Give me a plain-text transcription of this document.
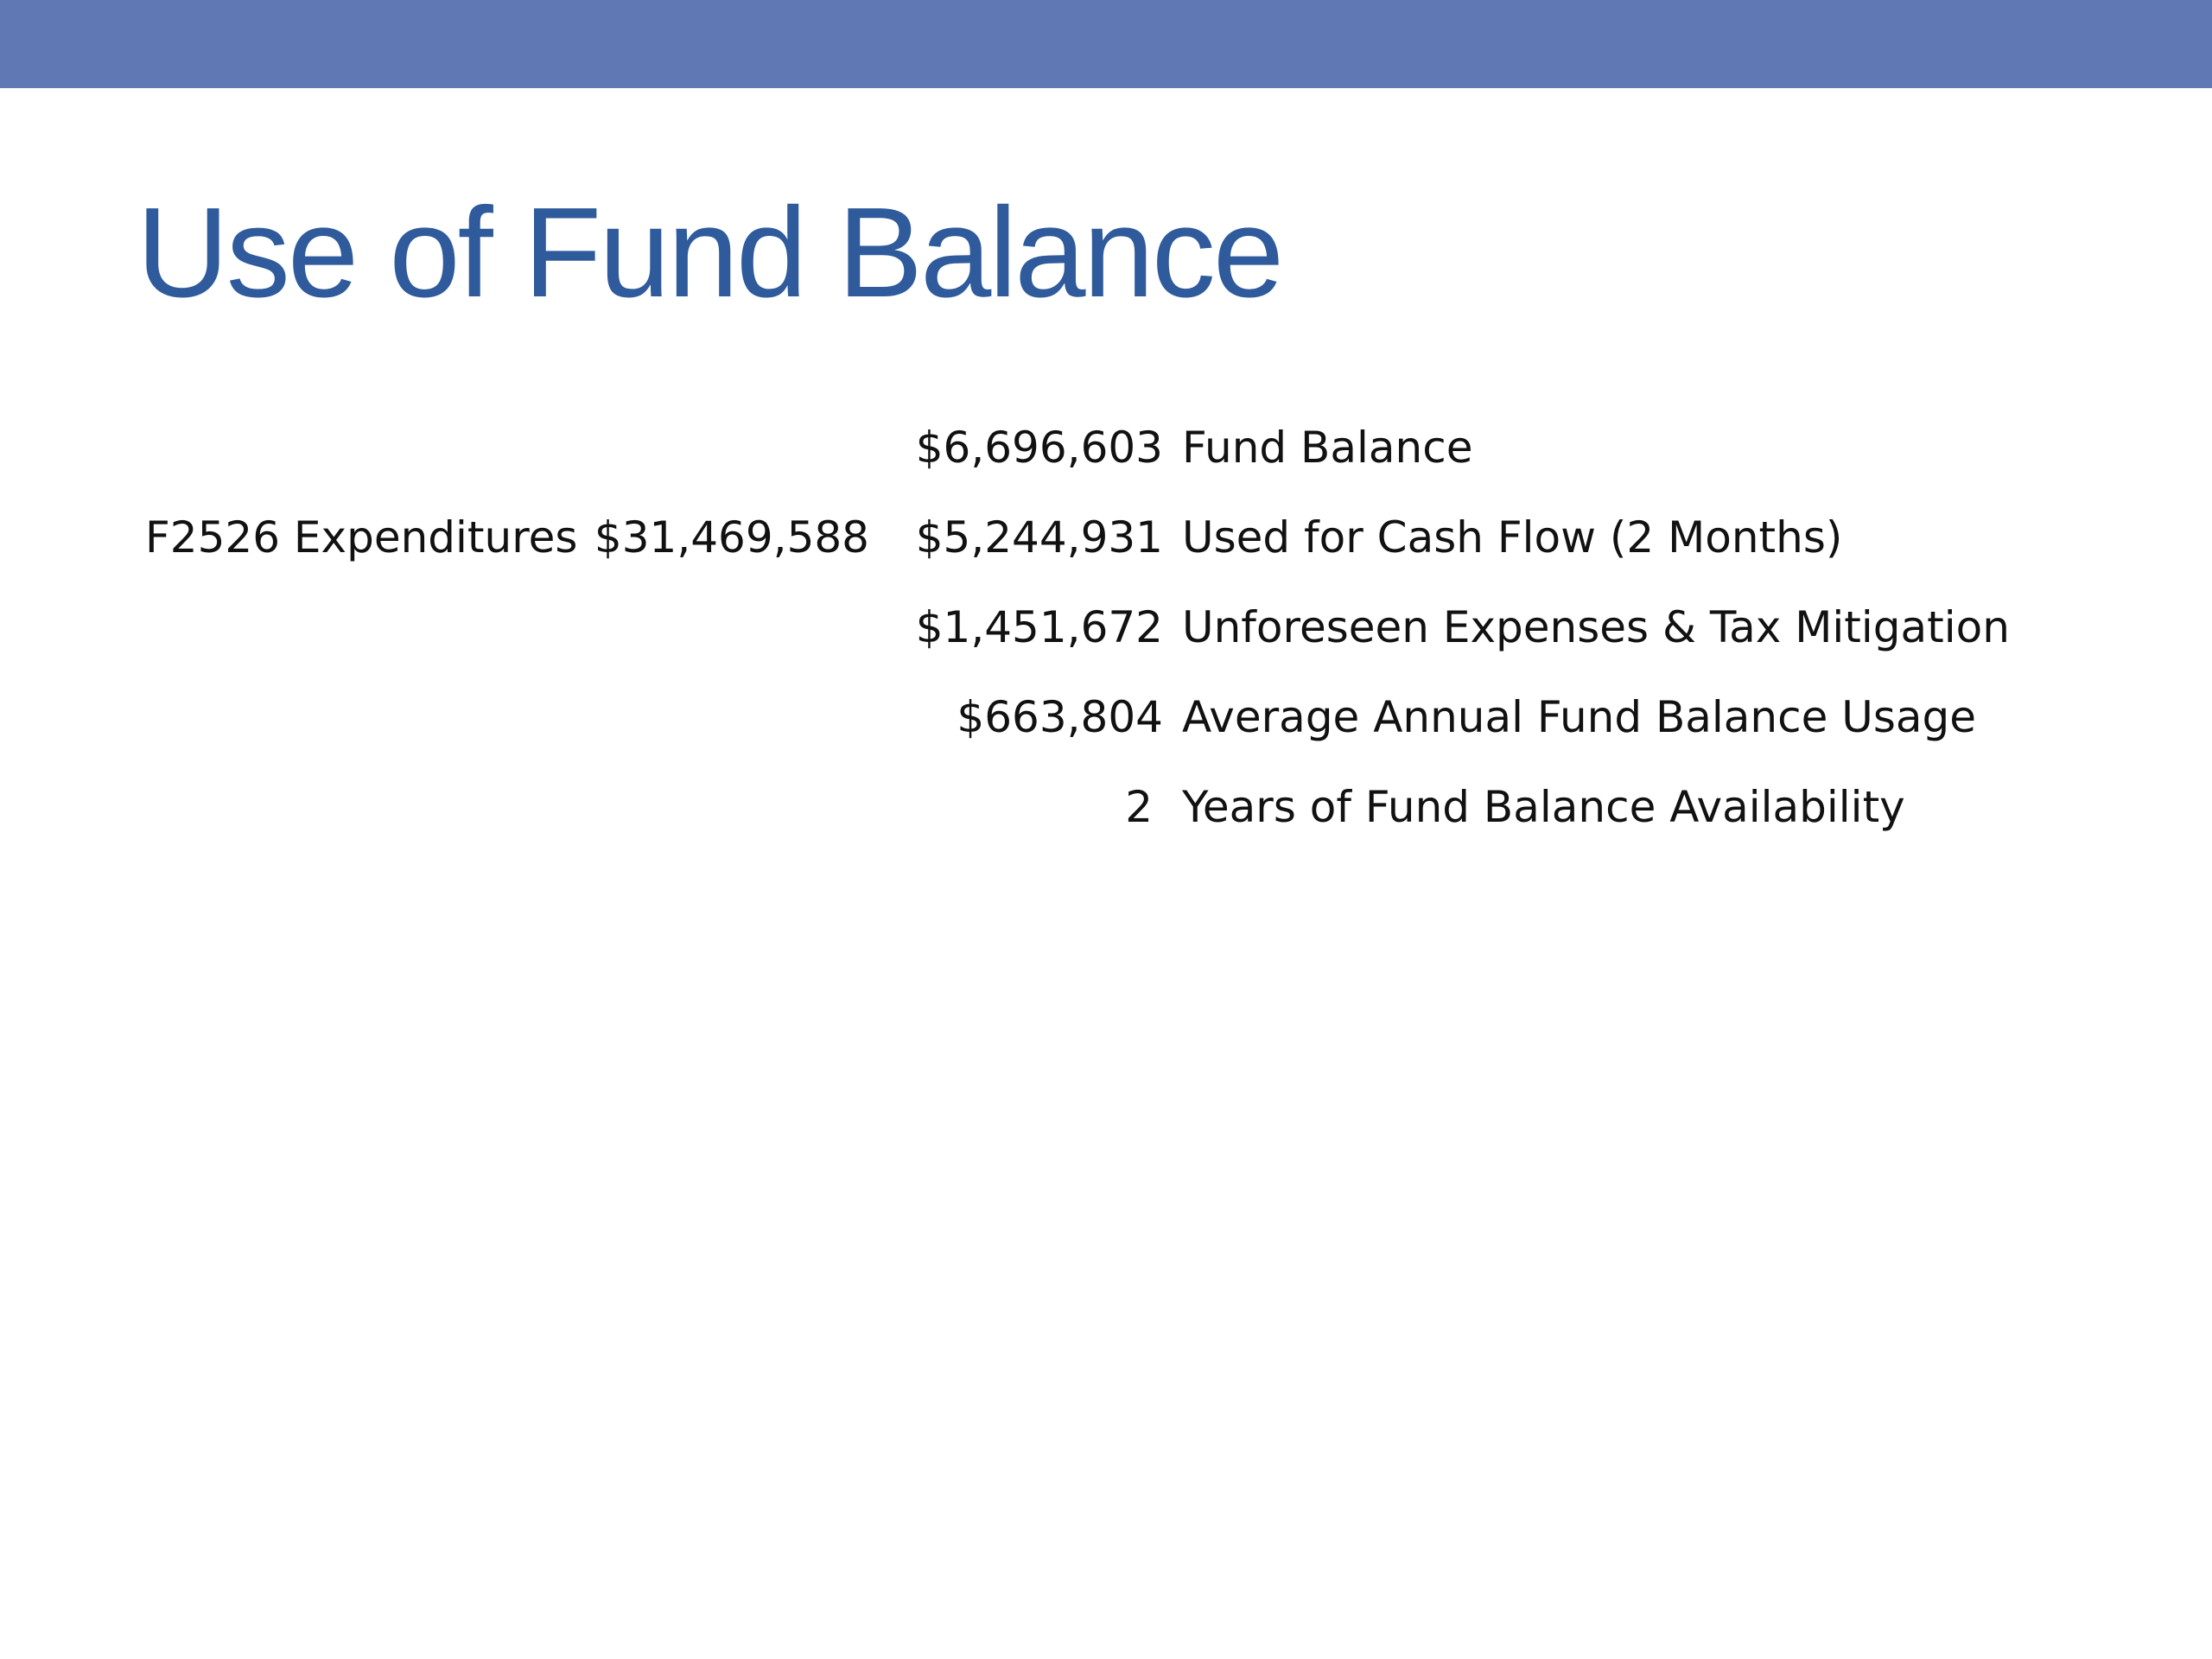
Use of Fund Balance
F2526 Expenditures $31,469,588
$6,696,603 Fund Balance
$5,244,931 Used for Cash Flow (2 Months)
$1,451,672 Unforeseen Expenses & Tax Mitigation
$663,804 Average Annual Fund Balance Usage
2 Years of Fund Balance Availability
